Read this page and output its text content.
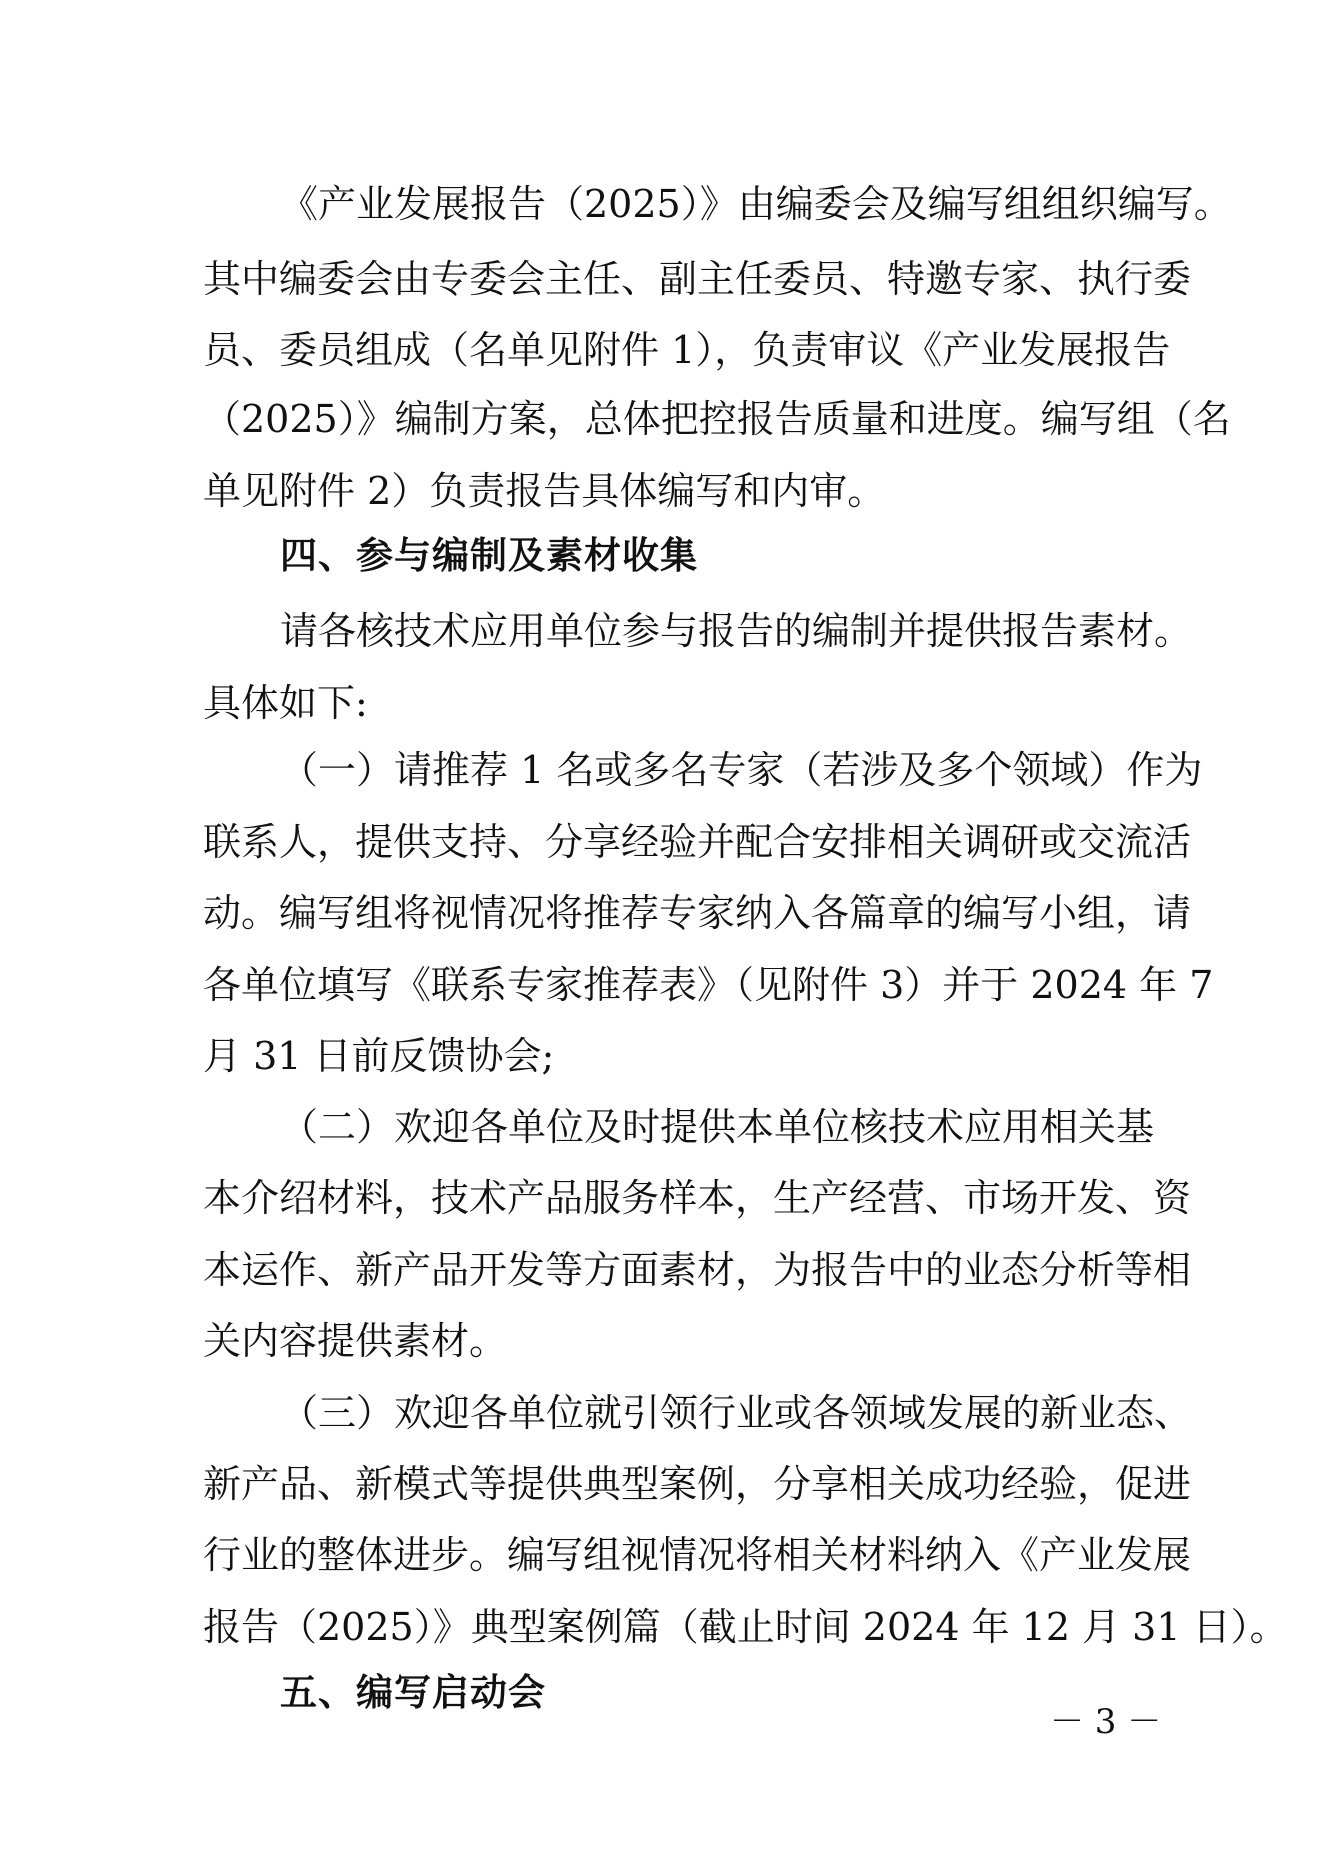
《产业发展报告（2025）》由编委会及编写组组织编写。
其中编委会由专委会主任、副主任委员、特邀专家、执行委
员、委员组成（名单见附件 1），负责审议《产业发展报告
（2025）》编制方案，总体把控报告质量和进度。编写组（名
单见附件 2）负责报告具体编写和内审。
四、参与编制及素材收集
请各核技术应用单位参与报告的编制并提供报告素材。
具体如下:
（一）请推荐 1 名或多名专家（若涉及多个领域）作为
联系人，提供支持、分享经验并配合安排相关调研或交流活
动。编写组将视情况将推荐专家纳入各篇章的编写小组，请
各单位填写《联系专家推荐表》（见附件 3）并于 2024 年 7
月 31 日前反馈协会;
（二）欢迎各单位及时提供本单位核技术应用相关基
本介绍材料，技术产品服务样本，生产经营、市场开发、资
本运作、新产品开发等方面素材，为报告中的业态分析等相
关内容提供素材。
（三）欢迎各单位就引领行业或各领域发展的新业态、
新产品、新模式等提供典型案例，分享相关成功经验，促进
行业的整体进步。编写组视情况将相关材料纳入《产业发展
报告（2025）》典型案例篇（截止时间 2024 年 12 月 31 日）。
五、编写启动会
－ 3 －
